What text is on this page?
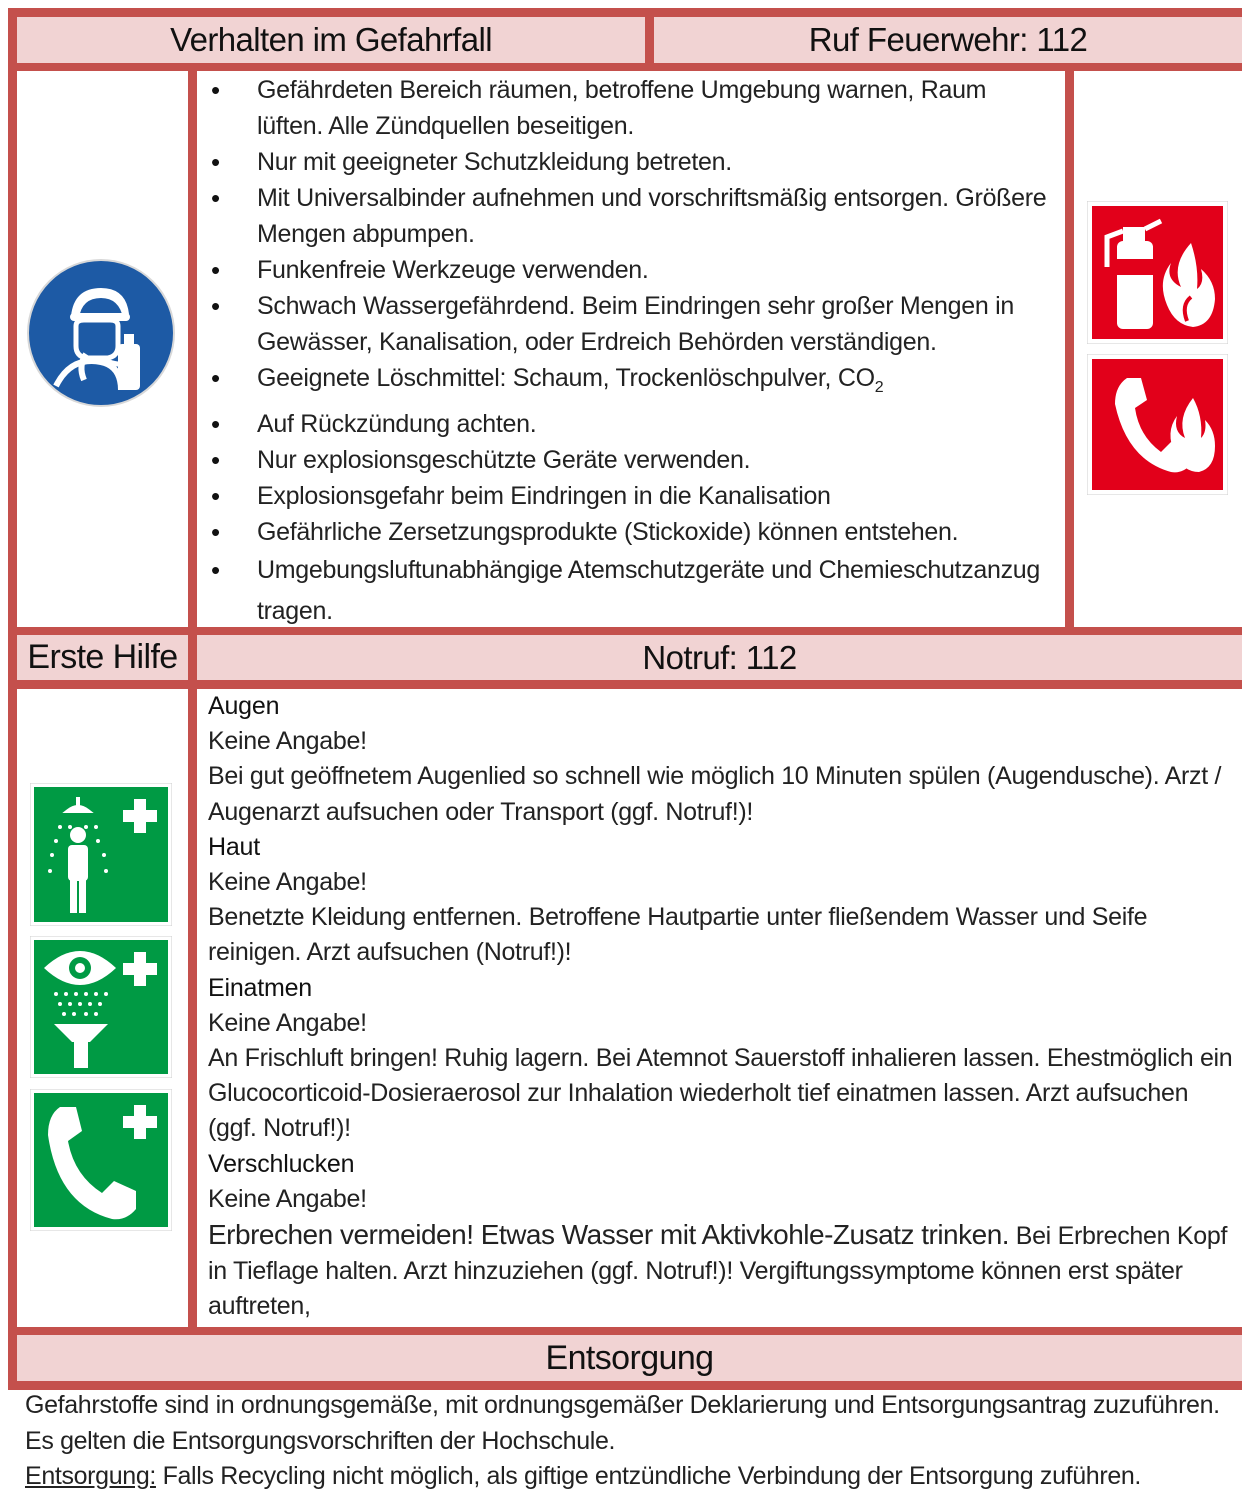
Verhalten im Gefahrfall	Ruf Feuerwehr: 112
• Gefährdeten Bereich räumen, betroffene Umgebung warnen, Raum lüften. Alle Zündquellen beseitigen.
• Nur mit geeigneter Schutzkleidung betreten.
• Mit Universalbinder aufnehmen und vorschriftsmäßig entsorgen. Größere Mengen abpumpen.
• Funkenfreie Werkzeuge verwenden.
• Schwach Wassergefährdend. Beim Eindringen sehr großer Mengen in Gewässer, Kanalisation, oder Erdreich Behörden verständigen.
• Geeignete Löschmittel: Schaum, Trockenlöschpulver, $CO_2$
• Auf Rückzündung achten.
• Nur explosionsgeschützte Geräte verwenden.
• Explosionsgefahr beim Eindringen in die Kanalisation
• Gefährliche Zersetzungsprodukte (Stickoxide) können entstehen.
• Umgebungsluftunabhängige Atemschutzgeräte und Chemieschutzanzug tragen.
Erste Hilfe	Notruf: 112

Augen

Keine Angabe!

Bei gut geöffnetem Augenlied so schnell wie möglich 10 Minuten spülen (Augendusche). Arzt / Augenarzt aufsuchen oder Transport (ggf. Notruf!)!

Haut

Keine Angabe!

Benetzte Kleidung entfernen. Betroffene Hautpartie unter fließendem Wasser und Seife reinigen. Arzt aufsuchen (Notruf!)!

Einatmen

Keine Angabe!

An Frischluft bringen! Ruhig lagern. Bei Atemnot Sauerstoff inhalieren lassen. Ehestmöglich ein Glucocorticoid-Dosieraerosol zur Inhalation wiederholt tief einatmen lassen. Arzt aufsuchen (ggf. Notruf!)!

Verschlucken

Keine Angabe!

Erbrechen vermeiden! Etwas Wasser mit Aktivkohle-Zusatz trinken. Bei Erbrechen Kopf in Tieflage halten. Arzt hinzuziehen (ggf. Notruf!)! Vergiftungssymptome können erst später auftreten,

Entsorgung

Gefahrstoffe sind in ordnungsgemäße, mit ordnungsgemäßer Deklarierung und Entsorgungsantrag zuzuführen. Es gelten die Entsorgungsvorschriften der Hochschule.

Entsorgung: Falls Recycling nicht möglich, als giftige entzündliche Verbindung der Entsorgung zuführen.
